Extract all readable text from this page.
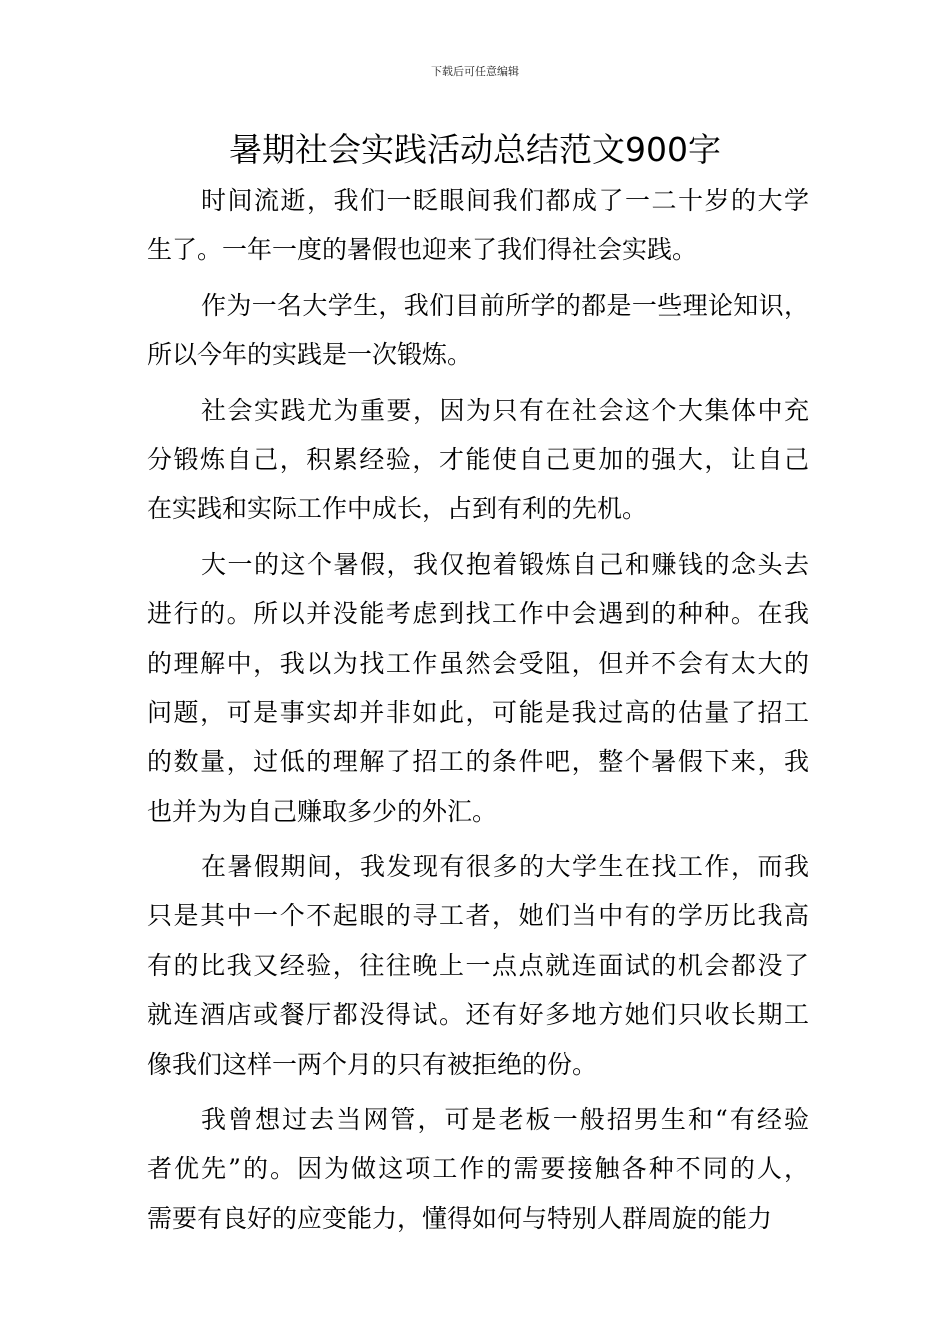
下载后可任意编辑
暑期社会实践活动总结范文900字
时间流逝，我们一眨眼间我们都成了一二十岁的大学
生了。一年一度的暑假也迎来了我们得社会实践。
作为一名大学生，我们目前所学的都是一些理论知识，
所以今年的实践是一次锻炼。
社会实践尤为重要，因为只有在社会这个大集体中充
分锻炼自己，积累经验，才能使自己更加的强大，让自己
在实践和实际工作中成长，占到有利的先机。
大一的这个暑假，我仅抱着锻炼自己和赚钱的念头去
进行的。所以并没能考虑到找工作中会遇到的种种。在我
的理解中，我以为找工作虽然会受阻，但并不会有太大的
问题，可是事实却并非如此，可能是我过高的估量了招工
的数量，过低的理解了招工的条件吧，整个暑假下来，我
也并为为自己赚取多少的外汇。
在暑假期间，我发现有很多的大学生在找工作，而我
只是其中一个不起眼的寻工者，她们当中有的学历比我高
有的比我又经验，往往晚上一点点就连面试的机会都没了
就连酒店或餐厅都没得试。还有好多地方她们只收长期工
像我们这样一两个月的只有被拒绝的份。
我曾想过去当网管，可是老板一般招男生和“有经验
者优先”的。因为做这项工作的需要接触各种不同的人，
需要有良好的应变能力，懂得如何与特别人群周旋的能力
